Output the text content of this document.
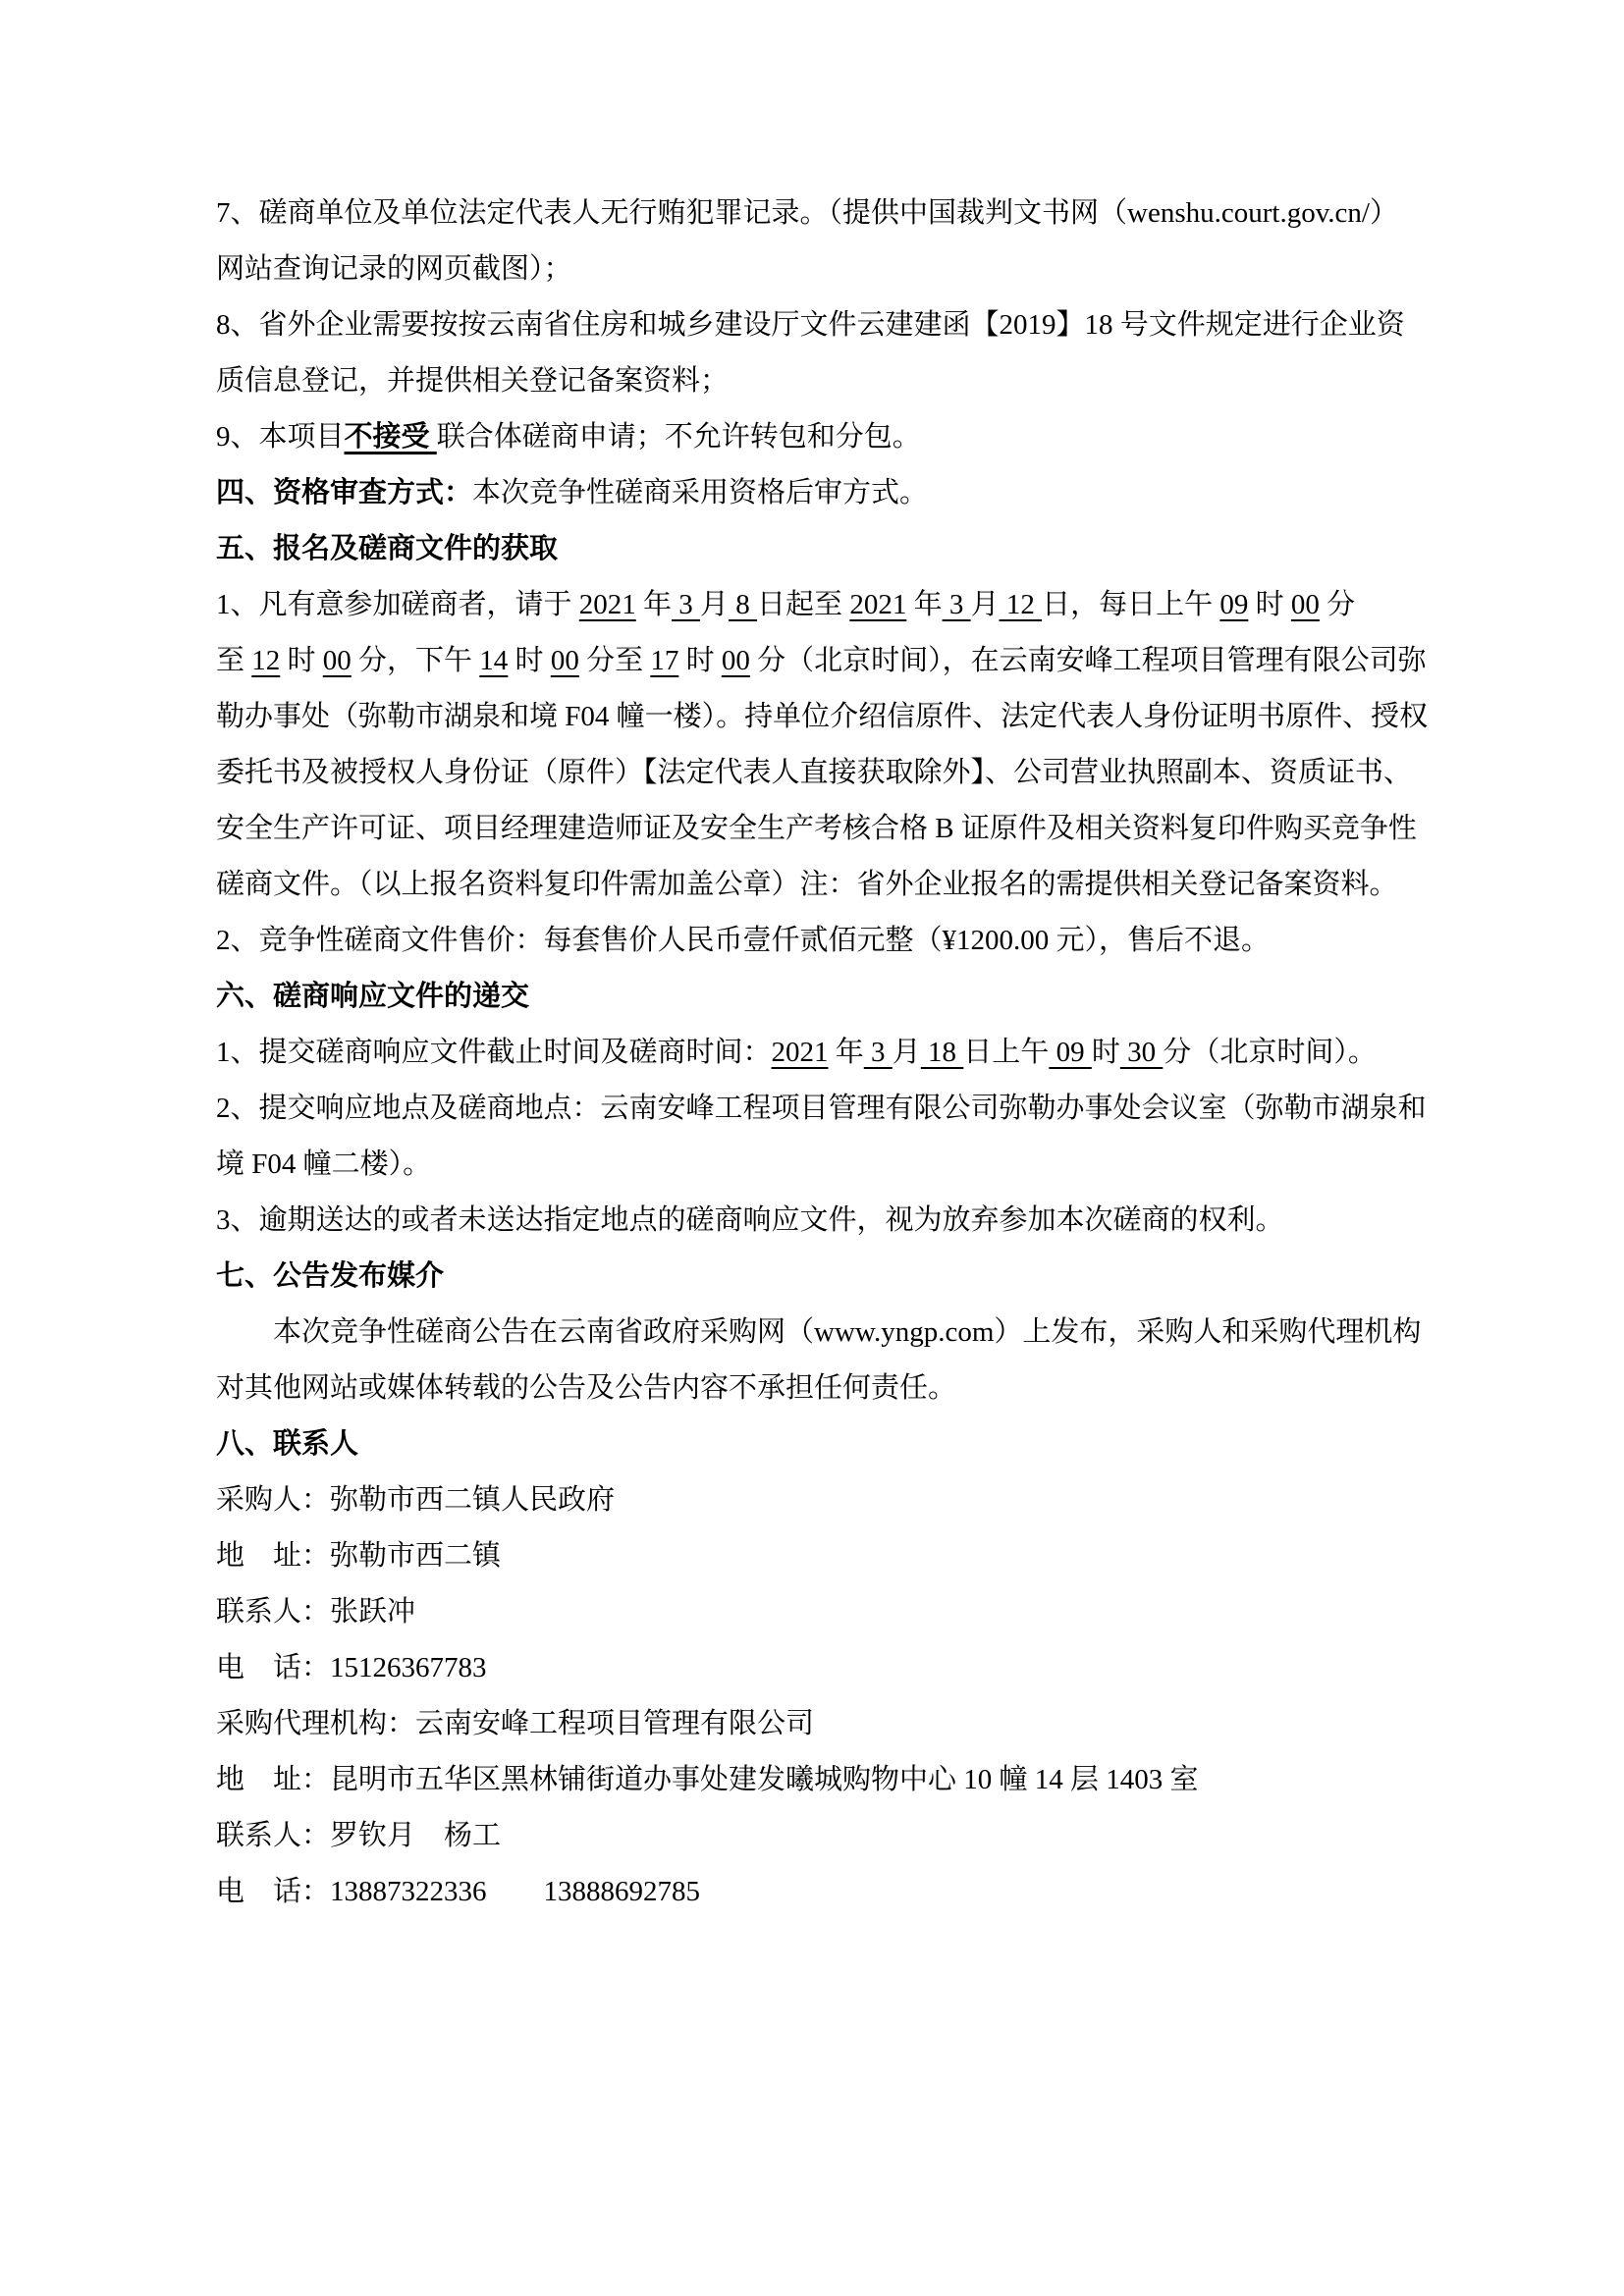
7、磋商单位及单位法定代表人无行贿犯罪记录。（提供中国裁判文书网（wenshu.court.gov.cn/）
网站查询记录的网页截图）；
8、省外企业需要按按云南省住房和城乡建设厅文件云建建函【2019】18 号文件规定进行企业资
质信息登记，并提供相关登记备案资料；
9、本项目不接受 联合体磋商申请；不允许转包和分包。
四、资格审查方式：本次竞争性磋商采用资格后审方式。
五、报名及磋商文件的获取
1、凡有意参加磋商者，请于 2021 年 3 月 8 日起至 2021 年 3 月 12 日，每日上午 09 时 00 分
至 12 时 00 分，下午 14 时 00 分至 17 时 00 分（北京时间），在云南安峰工程项目管理有限公司弥
勒办事处（弥勒市湖泉和境 F04 幢一楼）。持单位介绍信原件、法定代表人身份证明书原件、授权
委托书及被授权人身份证（原件）【法定代表人直接获取除外】、公司营业执照副本、资质证书、
安全生产许可证、项目经理建造师证及安全生产考核合格 B 证原件及相关资料复印件购买竞争性
磋商文件。（以上报名资料复印件需加盖公章）注：省外企业报名的需提供相关登记备案资料。
2、竞争性磋商文件售价：每套售价人民币壹仟贰佰元整（¥1200.00 元），售后不退。
六、磋商响应文件的递交
1、提交磋商响应文件截止时间及磋商时间：2021 年 3 月 18 日上午 09 时 30 分（北京时间）。
2、提交响应地点及磋商地点：云南安峰工程项目管理有限公司弥勒办事处会议室（弥勒市湖泉和
境 F04 幢二楼）。
3、逾期送达的或者未送达指定地点的磋商响应文件，视为放弃参加本次磋商的权利。
七、公告发布媒介
本次竞争性磋商公告在云南省政府采购网（www.yngp.com）上发布，采购人和采购代理机构
对其他网站或媒体转载的公告及公告内容不承担任何责任。
八、联系人
采购人：弥勒市西二镇人民政府
地　址：弥勒市西二镇
联系人：张跃冲
电　话：15126367783
采购代理机构：云南安峰工程项目管理有限公司
地　址：昆明市五华区黑林铺街道办事处建发曦城购物中心 10 幢 14 层 1403 室
联系人：罗钦月　杨工
电　话：13887322336　　13888692785
